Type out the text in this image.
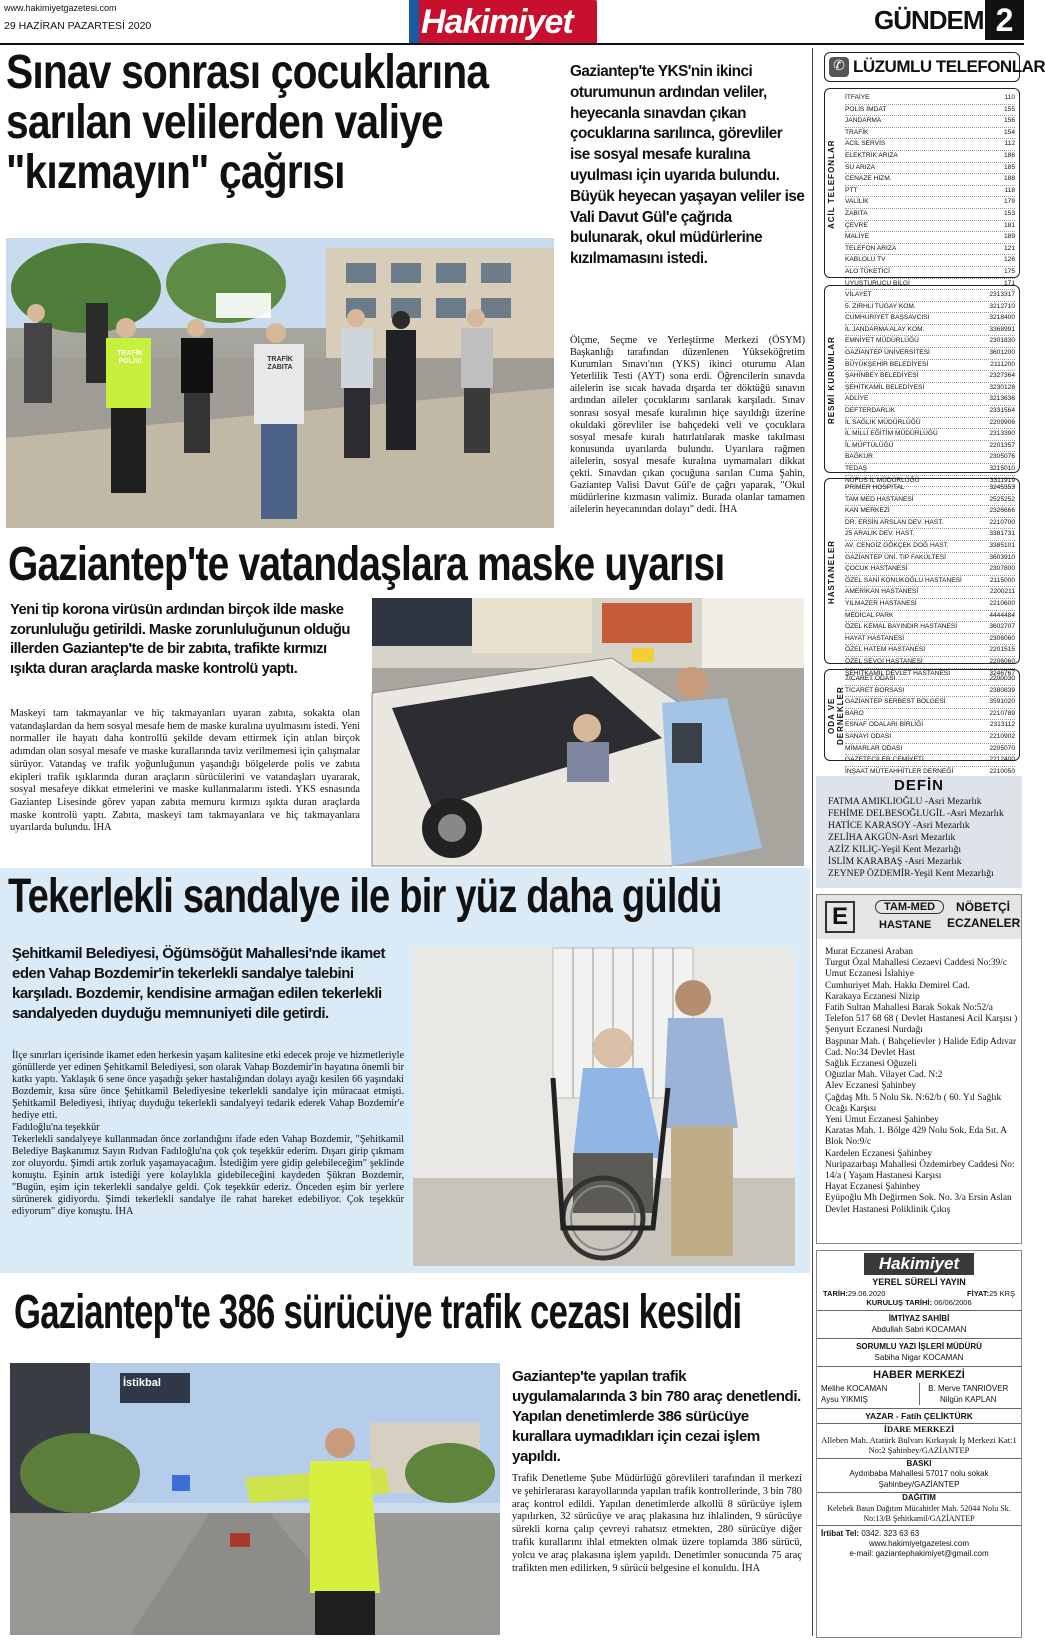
www.hakimiyetgazetesi.com
29 HAZİRAN PAZARTESİ 2020	Hakimiyet	GÜNDEM 2
Sınav sonrası çocuklarına
sarılan velilerden valiye
"kızmayın" çağrısı
TRAFİK POLİSİ	TRAFİK ZABITA
Gaziantep'te YKS'nin ikinci oturumunun ardından veliler, heyecanla sınavdan çıkan çocuklarına sarılınca, görevliler ise sosyal mesafe kuralına uyulması için uyarıda bulundu. Büyük heyecan yaşayan veliler ise Vali Davut Gül'e çağrıda bulunarak, okul müdürlerine kızılmamasını istedi.
Ölçme, Seçme ve Yerleştirme Merkezi (ÖSYM) Başkanlığı tarafından düzenlenen Yükseköğretim Kurumları Sınavı'nın (YKS) ikinci oturumu Alan Yeterlilik Testi (AYT) sona erdi. Öğrencilerin sınavda ailelerin ise sıcak havada dışarda ter döktüğü sınavın ardından aileler çocuklarını sarılarak karşıladı. Sınav sonrası sosyal mesafe kuralının hiçe sayıldığı üzerine okuldaki görevliler ise bahçedeki veli ve çocuklara sosyal mesafe kuralı hatırlatılarak maske takılması konusunda uyarılarda bulundu. Uyarılara rağmen ailelerin, sosyal mesafe kuralına uymamaları dikkat çekti. Sınavdan çıkan çocuğuna sarılan Cuma Şahin, Gaziantep Valisi Davut Gül'e de çağrı yaparak, "Okul müdürlerine kızmasın valimiz. Burada olanlar tamamen ailelerin heyecanından dolayı" dedi. İHA
Gaziantep'te vatandaşlara maske uyarısı
Yeni tip korona virüsün ardından birçok ilde maske zorunluluğu getirildi. Maske zorunluluğunun olduğu illerden Gaziantep'te de bir zabıta, trafikte kırmızı ışıkta duran araçlarda maske kontrolü yaptı.
Maskeyi tam takmayanlar ve hiç takmayanları uyaran zabıta, sokakta olan vatandaşlardan da hem sosyal mesafe hem de maske kuralına uyulmasını istedi. Yeni normaller ile hayatı daha kontrollü şekilde devam ettirmek için atılan birçok adımdan olan sosyal mesafe ve maske kurallarında taviz verilmemesi için çalışmalar sürüyor. Vatandaş ve trafik yoğunluğunun yaşandığı bölgelerde polis ve zabıta ekipleri trafik ışıklarında duran araçların sürücülerini ve vatandaşları uyararak, sosyal mesafeye dikkat etmelerini ve maske kullanmalarını istedi. YKS esnasında Gaziantep Lisesinde görev yapan zabıta memuru kırmızı ışıkta duran araçlarda maske kontrolü yaptı. Zabıta, maskeyi tam takmayanlara ve hiç takmayanlara uyarılarda bulundu. İHA
Tekerlekli sandalye ile bir yüz daha güldü
Şehitkamil Belediyesi, Öğümsöğüt Mahallesi'nde ikamet eden Vahap Bozdemir'in tekerlekli sandalye talebini karşıladı. Bozdemir, kendisine armağan edilen tekerlekli sandalyeden duyduğu memnuniyeti dile getirdi.
İlçe sınırları içerisinde ikamet eden herkesin yaşam kalitesine etki edecek proje ve hizmetleriyle gönüllerde yer edinen Şehitkamil Belediyesi, son olarak Vahap Bozdemir'in hayatına önemli bir katkı yaptı. Yaklaşık 6 sene önce yaşadığı şeker hastalığından dolayı ayağı kesilen 66 yaşındaki Bozdemir, kısa süre önce Şehitkamil Belediyesine tekerlekli sandalye için müracaat etmişti. Şehitkamil Belediyesi, ihtiyaç duyduğu tekerlekli sandalyeyi tedarik ederek Vahap Bozdemir'e hediye etti.
Fadıloğlu'na teşekkür
Tekerlekli sandalyeye kullanmadan önce zorlandığını ifade eden Vahap Bozdemir, "Şehitkamil Belediye Başkanımız Sayın Rıdvan Fadıloğlu'na çok çok teşekkür ederim. Dışarı girip çıkmam zor oluyordu. Şimdi artık zorluk yaşamayacağım. İstediğim yere gidip gelebileceğim" şeklinde konuştu. Eşinin artık istediği yere kolaylıkla gidebileceğini kaydeden Şükran Bozdemir, "Bugün, eşim için tekerlekli sandalye geldi. Çok teşekkür ederiz. Önceden eşim bir yerlere sürünerek gidiyordu. Şimdi tekerlekli sandalye ile rahat hareket edebiliyor. Çok teşekkür ediyorum" diye konuştu. İHA
Gaziantep'te 386 sürücüye trafik cezası kesildi
İstikbal	Gaziantep'te yapılan trafik uygulamalarında 3 bin 780 araç denetlendi. Yapılan denetimlerde 386 sürücüye kurallara uymadıkları için cezai işlem yapıldı.
Trafik Denetleme Şube Müdürlüğü görevlileri tarafından il merkezi ve şehirlerarası karayollarında yapılan trafik kontrollerinde, 3 bin 780 araç kontrol edildi. Yapılan denetimlerde alkollü 8 sürücüye işlem yapılırken, 32 sürücüye ve araç plakasına hız ihlalinden, 9 sürücüye sürekli korna çalıp çevreyi rahatsız etmekten, 280 sürücüye diğer trafik kurallarını ihlal etmekten olmak üzere toplamda 386 sürücü, yolcu ve araç plakasına işlem yapıldı. Denetimler sonucunda 75 araç trafikten men edilirken, 9 sürücü belgesine el konuldu. İHA
✆ LÜZUMLU TELEFONLAR
ACİL TELEFONLAR
İTFAİYE	110
POLİS İMDAT	155
JANDARMA	156
TRAFİK	154
ACİL SERVİS	112
ELEKTRİK ARIZA	186
SU ARIZA	185
CENAZE HİZM.	188
PTT	118
VALİLİK	179
ZABITA	153
ÇEVRE	181
MALİYE	189
TELEFON ARIZA	121
KABLOLU TV	126
ALO TÜKETİCİ	175
UYUŞTURUCU BİLGİ	171
RESMİ KURUMLAR
VİLAYET	2313317
5. ZIRHLI TUGAY KOM.	3212710
CUMHURİYET BAŞSAVCISI	3218400
İL JANDARMA ALAY KOM.	3368991
EMNİYET MÜDÜRLÜĞÜ	2301830
GAZİANTEP ÜNİVERSİTESİ	3601200
BÜYÜKŞEHİR BELEDİYESİ	2111200
ŞAHİNBEY BELEDİYESİ	2327364
ŞEHİTKAMİL BELEDİYESİ	3230128
ADLİYE	3213636
DEFTERDARLIK	2331564
İL SAĞLIK MÜDÜRLÜĞÜ	2209906
İL MİLLİ EĞİTİM MÜDÜRLÜĞÜ	2313390
İL MÜFTÜLÜĞÜ	2201357
BAĞKUR	2305076
TEDAŞ	3215010
NÜFUS İL MÜDÜRLÜĞÜ	3311919
HASTANELER
PRİMER HOSPİTAL	3245353
TAM MED HASTANESİ	2525252
KAN MERKEZİ	2326666
DR. ERSİN ARSLAN DEV. HAST.	2210700
25 ARALIK DEV. HAST.	3381731
AV. CENGİZ GÖKÇEK DOĞ HAST.	3385101
GAZİANTEP ÜNİ. TIP FAKÜLTESİ	3603910
ÇOCUK HASTANESİ	2307800
ÖZEL SANİ KONUKOĞLU HASTANESİ	2115000
AMERİKAN HASTANESİ	2200211
YILMAZER HASTANESİ	2210600
MEDİCAL PARK	4444484
ÖZEL KEMAL BAYINDIR HASTANESİ	3602707
HAYAT HASTANESİ	2306060
ÖZEL HATEM HASTANESİ	2201515
ÖZEL SEVGİ HASTANESİ	2206060
ŞEHİTKAMİL DEVLET HASTANESİ	3246767
ODA VE DERNEKLER
TİCARET ODASI	2200030
TİCARET BORSASI	2380839
GAZİANTEP SERBEST BÖLGESİ	3591020
BARO	2210789
ESNAF ODALARI BİRLİĞİ	2313112
SANAYİ ODASI	2210902
MİMARLAR ODASI	2205070
GAZETECİLER CEMİYETİ	2212400
İNŞAAT MÜTEAHHİTLER DERNEĞİ	2210050
DEFİN
FATMA AMIKLIOĞLU -Asri Mezarlık
FEHİME DELBESOĞLUGİL -Asri Mezarlık
HATİCE KARASOY -Asri Mezarlık
ZELİHA AKGÜN-Asri Mezarlık
AZİZ KILIÇ-Yeşil Kent Mezarlığı
İSLİM KARABAŞ -Asri Mezarlık
ZEYNEP ÖZDEMİR-Yeşil Kent Mezarlığı
E	TAM-MED
HASTANE
NÖBETÇİ
ECZANELER
Murat Eczanesi Araban
Turgut Özal Mahallesi Cezaevi Caddesi No:39/c
Umut Eczanesi İslahiye
Cumhuriyet Mah. Hakkı Demirel Cad.
Karakaya Eczanesi Nizip
Fatih Sultan Mahallesi Barak Sokak No:52/a Telefon 517 68 68 ( Devlet Hastanesi Acil Karşısı )
Şenyurt Eczanesi Nurdağı
Başpınar Mah. ( Bahçelievler ) Halide Edip Adıvar Cad. No:34 Devlet Hast
Sağlık Eczanesi Oğuzeli
Oğuzlar Mah. Vilayet Cad. N:2
Alev Eczanesi Şahinbey
Çağdaş Mh. 5 Nolu Sk. N:62/b ( 60. Yıl Sağlık Ocağı Karşısı
Yeni Umut Eczanesi Şahinbey
Karatas Mah. 1. Bölge 429 Nolu Sok. Eda Sıt. A Blok No:9/c
Kardelen Eczanesi Şahinbey
Nuripazarbaşı Mahallesi Özdemirbey Caddesi No: 14/a ( Yaşam Hastanesi Karşısı
Hayat Eczanesi Şahinbey
Eyüpoğlu Mh Değirmen Sok. No. 3/a Ersin Aslan Devlet Hastanesi Poliklinik Çıkış
Hakimiyet
YEREL SÜRELİ YAYIN
TARİH:29.06.2020	FİYAT:25 KRŞ
KURULUŞ TARİHİ: 06/06/2006
İMTİYAZ SAHİBİ
Abdullah Sabri KOCAMAN
SORUMLU YAZI İŞLERİ MÜDÜRÜ
Sabiha Nigar KOCAMAN
HABER MERKEZİ
Melihe KOCAMAN
Aysu YIKMIŞ
B. Merve TANRIÖVER
Nilgün KAPLAN
YAZAR - Fatih ÇELİKTÜRK
İDARE MERKEZİ
Alleben Mah. Atatürk Bulvarı Kırkayak İş Merkezi Kat:1 No:2 Şahinbey/GAZİANTEP
BASKI
Aydınbaba Mahallesi 57017 nolu sokak Şahinbey/GAZİANTEP
DAĞITIM
Kelebek Basın Dağıtım Mücahitler Mah. 52044 Nolu Sk. No:13/B Şehitkamil/GAZİANTEP
İrtibat Tel: 0342. 323 63 63
www.hakimiyetgazetesi.com
e-mail: gaziantephakimiyet@gmail.com
